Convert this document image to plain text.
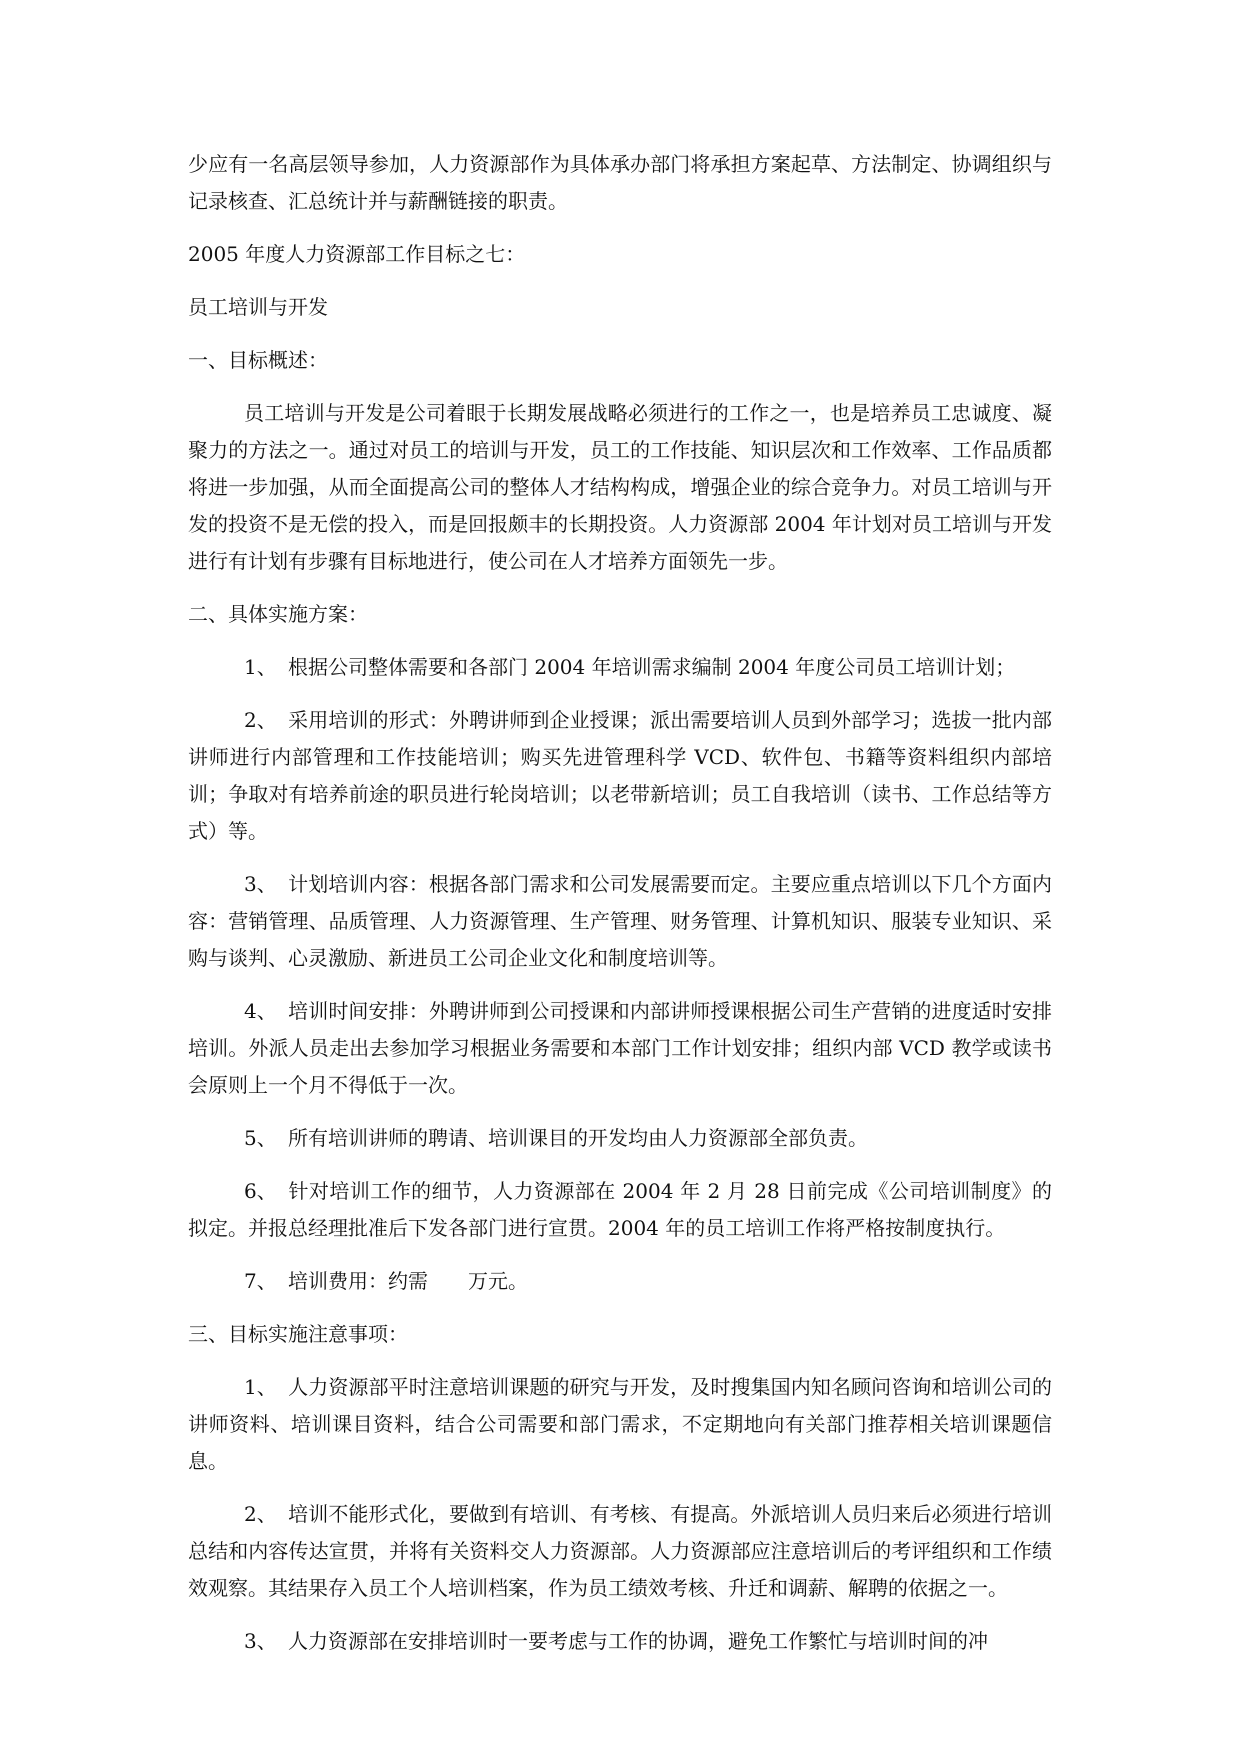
少应有一名高层领导参加，人力资源部作为具体承办部门将承担方案起草、方法制定、协调组织与记录核查、汇总统计并与薪酬链接的职责。

2005 年度人力资源部工作目标之七：

员工培训与开发

一、目标概述：

员工培训与开发是公司着眼于长期发展战略必须进行的工作之一，也是培养员工忠诚度、凝聚力的方法之一。通过对员工的培训与开发，员工的工作技能、知识层次和工作效率、工作品质都将进一步加强，从而全面提高公司的整体人才结构构成，增强企业的综合竞争力。对员工培训与开发的投资不是无偿的投入，而是回报颇丰的长期投资。人力资源部 2004 年计划对员工培训与开发进行有计划有步骤有目标地进行，使公司在人才培养方面领先一步。

二、具体实施方案：

1、 根据公司整体需要和各部门 2004 年培训需求编制 2004 年度公司员工培训计划；

2、 采用培训的形式：外聘讲师到企业授课；派出需要培训人员到外部学习；选拔一批内部讲师进行内部管理和工作技能培训；购买先进管理科学 VCD、软件包、书籍等资料组织内部培训；争取对有培养前途的职员进行轮岗培训；以老带新培训；员工自我培训（读书、工作总结等方式）等。

3、 计划培训内容：根据各部门需求和公司发展需要而定。主要应重点培训以下几个方面内容：营销管理、品质管理、人力资源管理、生产管理、财务管理、计算机知识、服装专业知识、采购与谈判、心灵激励、新进员工公司企业文化和制度培训等。

4、 培训时间安排：外聘讲师到公司授课和内部讲师授课根据公司生产营销的进度适时安排培训。外派人员走出去参加学习根据业务需要和本部门工作计划安排；组织内部 VCD 教学或读书会原则上一个月不得低于一次。

5、 所有培训讲师的聘请、培训课目的开发均由人力资源部全部负责。

6、 针对培训工作的细节，人力资源部在 2004 年 2 月 28 日前完成《公司培训制度》的拟定。并报总经理批准后下发各部门进行宣贯。2004 年的员工培训工作将严格按制度执行。

7、 培训费用：约需　　万元。

三、目标实施注意事项：

1、 人力资源部平时注意培训课题的研究与开发，及时搜集国内知名顾问咨询和培训公司的讲师资料、培训课目资料，结合公司需要和部门需求，不定期地向有关部门推荐相关培训课题信息。

2、 培训不能形式化，要做到有培训、有考核、有提高。外派培训人员归来后必须进行培训总结和内容传达宣贯，并将有关资料交人力资源部。人力资源部应注意培训后的考评组织和工作绩效观察。其结果存入员工个人培训档案，作为员工绩效考核、升迁和调薪、解聘的依据之一。

3、 人力资源部在安排培训时一要考虑与工作的协调，避免工作繁忙与培训时间的冲
